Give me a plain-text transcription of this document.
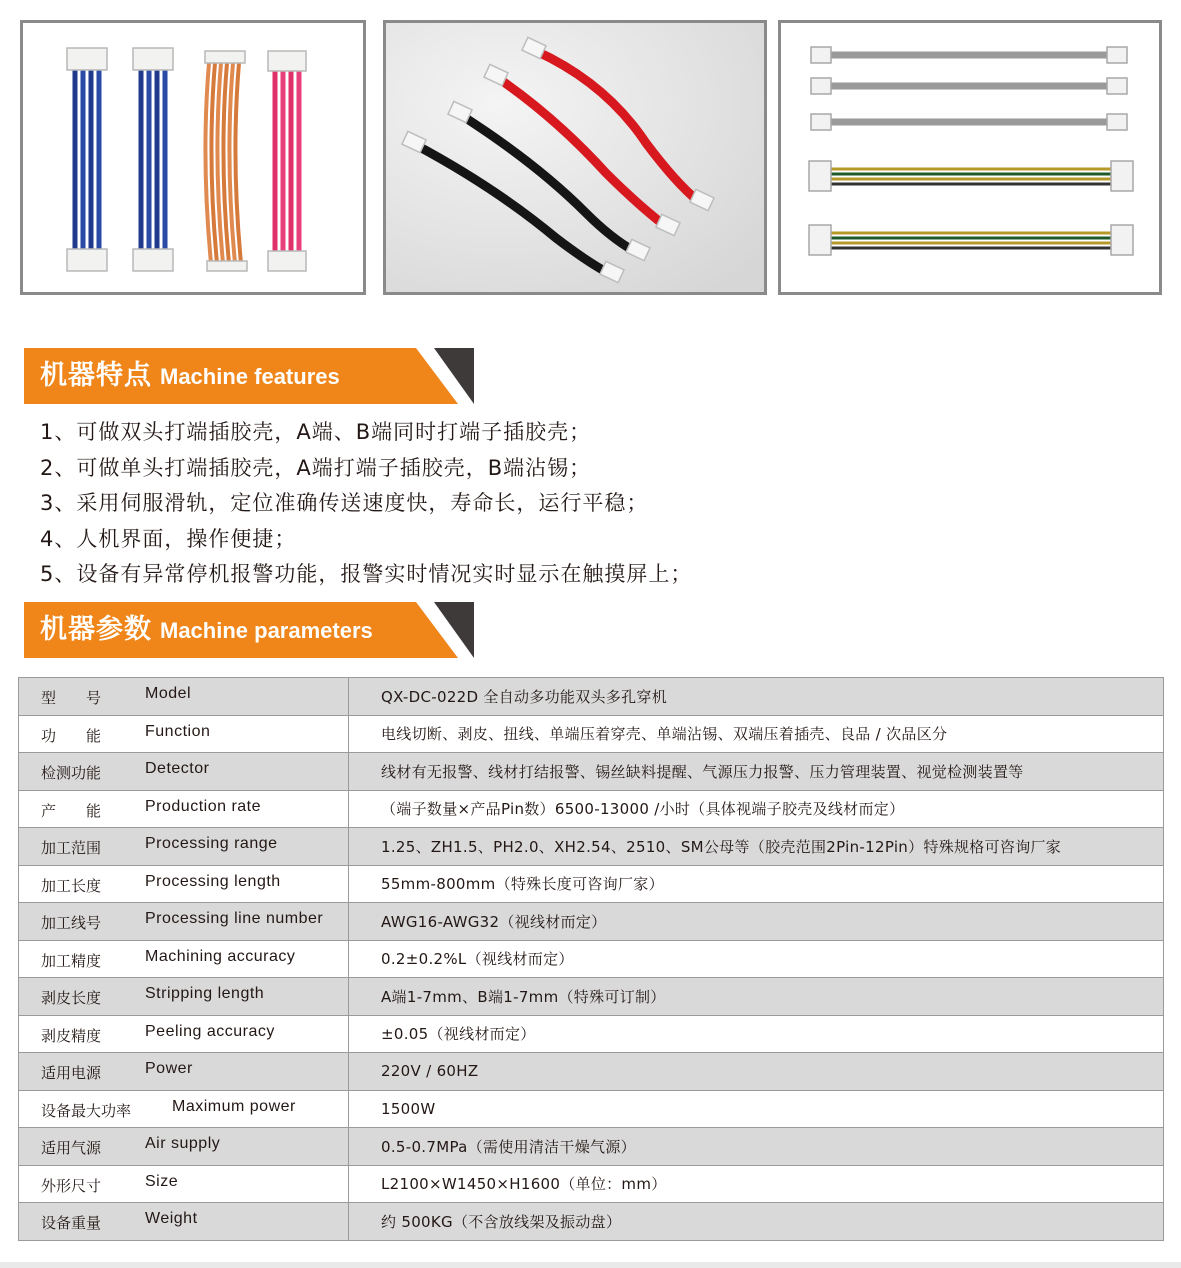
机器特点 Machine features
1、可做双头打端插胶壳，A端、B端同时打端子插胶壳；
2、可做单头打端插胶壳，A端打端子插胶壳，B端沾锡；
3、采用伺服滑轨，定位准确传送速度快，寿命长，运行平稳；
4、人机界面，操作便捷；
5、设备有异常停机报警功能，报警实时情况实时显示在触摸屏上；
机器参数 Machine parameters
型　　号 Model	QX-DC-022D 全自动多功能双头多孔穿机

功　　能 Function	电线切断、剥皮、扭线、单端压着穿壳、单端沾锡、双端压着插壳、良品 / 次品区分

检测功能 Detector	线材有无报警、线材打结报警、锡丝缺料提醒、气源压力报警、压力管理装置、视觉检测装置等

产　　能 Production rate	（端子数量×产品Pin数）6500-13000 /小时（具体视端子胶壳及线材而定）

加工范围 Processing range	1.25、ZH1.5、PH2.0、XH2.54、2510、SM公母等（胶壳范围2Pin-12Pin）特殊规格可咨询厂家

加工长度 Processing length	55mm-800mm（特殊长度可咨询厂家）

加工线号 Processing line number	AWG16-AWG32（视线材而定）

加工精度 Machining accuracy	0.2±0.2%L（视线材而定）

剥皮长度 Stripping length	A端1-7mm、B端1-7mm（特殊可订制）

剥皮精度 Peeling accuracy	±0.05（视线材而定）

适用电源 Power	220V / 60HZ

设备最大功率 Maximum power	1500W

适用气源 Air supply	0.5-0.7MPa（需使用清洁干燥气源）

外形尺寸 Size	L2100×W1450×H1600（单位：mm）

设备重量 Weight	约 500KG（不含放线架及振动盘）
